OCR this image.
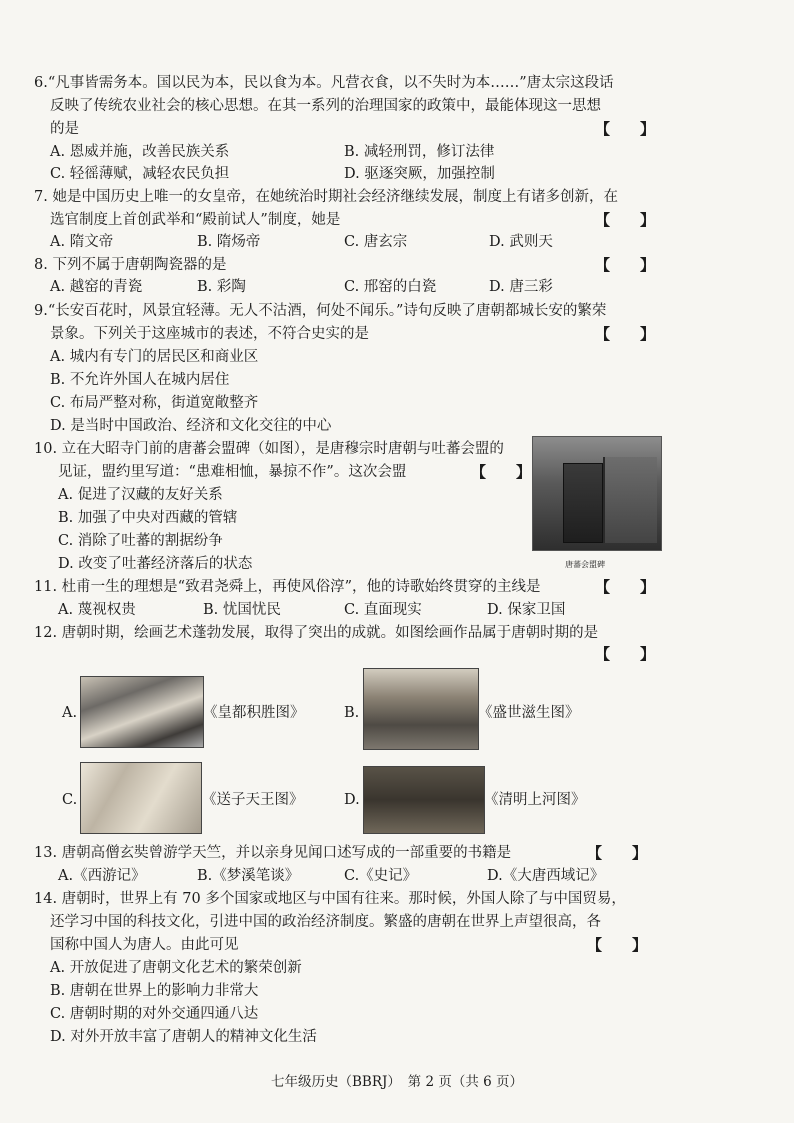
6.“凡事皆需务本。国以民为本，民以食为本。凡营衣食，以不失时为本……”唐太宗这段话
反映了传统农业社会的核心思想。在其一系列的治理国家的政策中，最能体现这一思想
的是	【　　】
A. 恩威并施，改善民族关系	B. 减轻刑罚，修订法律
C. 轻徭薄赋，减轻农民负担	D. 驱逐突厥，加强控制
7. 她是中国历史上唯一的女皇帝，在她统治时期社会经济继续发展，制度上有诸多创新，在
选官制度上首创武举和“殿前试人”制度，她是	【　　】
A. 隋文帝	B. 隋炀帝	C. 唐玄宗	D. 武则天
8. 下列不属于唐朝陶瓷器的是	【　　】
A. 越窑的青瓷	B. 彩陶	C. 邢窑的白瓷	D. 唐三彩
9.“长安百花时，风景宜轻薄。无人不沽酒，何处不闻乐。”诗句反映了唐朝都城长安的繁荣
景象。下列关于这座城市的表述，不符合史实的是	【　　】
A. 城内有专门的居民区和商业区
B. 不允许外国人在城内居住
C. 布局严整对称，街道宽敞整齐
D. 是当时中国政治、经济和文化交往的中心
10. 立在大昭寺门前的唐蕃会盟碑（如图），是唐穆宗时唐朝与吐蕃会盟的
见证，盟约里写道：“患难相恤，暴掠不作”。这次会盟	【　　】
A. 促进了汉藏的友好关系
B. 加强了中央对西藏的管辖
C. 消除了吐蕃的割据纷争
D. 改变了吐蕃经济落后的状态	唐蕃会盟碑
11. 杜甫一生的理想是“致君尧舜上，再使风俗淳”，他的诗歌始终贯穿的主线是	【　　】
A. 蔑视权贵	B. 忧国忧民	C. 直面现实	D. 保家卫国
12. 唐朝时期，绘画艺术蓬勃发展，取得了突出的成就。如图绘画作品属于唐朝时期的是
【　　】
A.	《皇都积胜图》	B.	《盛世滋生图》
C.	《送子天王图》	D.	《清明上河图》
13. 唐朝高僧玄奘曾游学天竺，并以亲身见闻口述写成的一部重要的书籍是	【　　】
A.《西游记》	B.《梦溪笔谈》	C.《史记》	D.《大唐西域记》
14. 唐朝时，世界上有 70 多个国家或地区与中国有往来。那时候，外国人除了与中国贸易，
还学习中国的科技文化，引进中国的政治经济制度。繁盛的唐朝在世界上声望很高，各
国称中国人为唐人。由此可见	【　　】
A. 开放促进了唐朝文化艺术的繁荣创新
B. 唐朝在世界上的影响力非常大
C. 唐朝时期的对外交通四通八达
D. 对外开放丰富了唐朝人的精神文化生活
七年级历史（BBRJ）　第 2 页（共 6 页）
